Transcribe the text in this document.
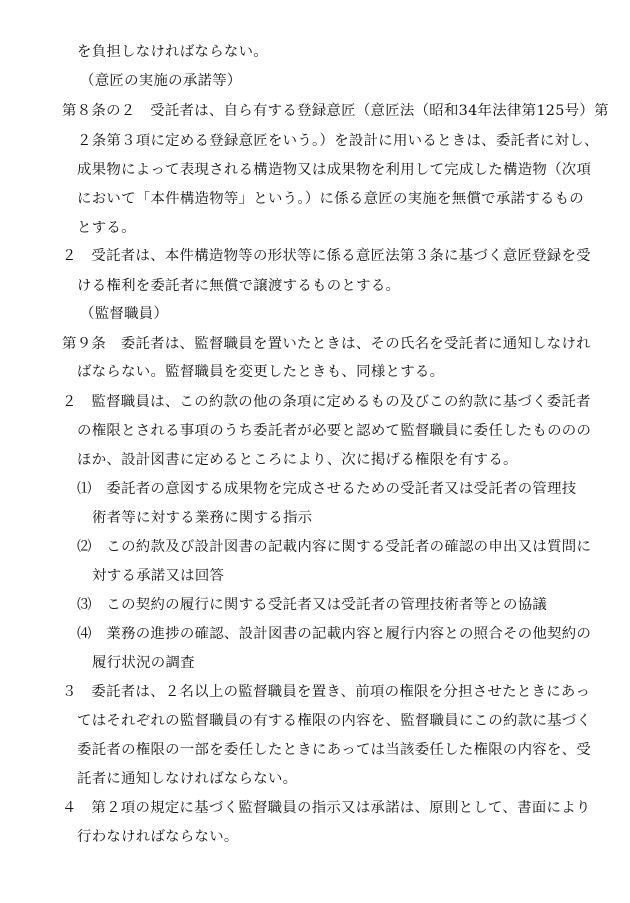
を負担しなければならない。
（意匠の実施の承諾等）
第８条の２　受託者は、自ら有する登録意匠（意匠法（昭和34年法律第125号）第
２条第３項に定める登録意匠をいう。）を設計に用いるときは、委託者に対し、
成果物によって表現される構造物又は成果物を利用して完成した構造物（次項
において「本件構造物等」という。）に係る意匠の実施を無償で承諾するもの
とする。
２　受託者は、本件構造物等の形状等に係る意匠法第３条に基づく意匠登録を受
ける権利を委託者に無償で譲渡するものとする。
（監督職員）
第９条　委託者は、監督職員を置いたときは、その氏名を受託者に通知しなけれ
ばならない。監督職員を変更したときも、同様とする。
２　監督職員は、この約款の他の条項に定めるもの及びこの約款に基づく委託者
の権限とされる事項のうち委託者が必要と認めて監督職員に委任したもののの
ほか、設計図書に定めるところにより、次に掲げる権限を有する。
⑴　委託者の意図する成果物を完成させるための受託者又は受託者の管理技
術者等に対する業務に関する指示
⑵　この約款及び設計図書の記載内容に関する受託者の確認の申出又は質問に
対する承諾又は回答
⑶　この契約の履行に関する受託者又は受託者の管理技術者等との協議
⑷　業務の進捗の確認、設計図書の記載内容と履行内容との照合その他契約の
履行状況の調査
３　委託者は、２名以上の監督職員を置き、前項の権限を分担させたときにあっ
てはそれぞれの監督職員の有する権限の内容を、監督職員にこの約款に基づく
委託者の権限の一部を委任したときにあっては当該委任した権限の内容を、受
託者に通知しなければならない。
４　第２項の規定に基づく監督職員の指示又は承諾は、原則として、書面により
行わなければならない。
